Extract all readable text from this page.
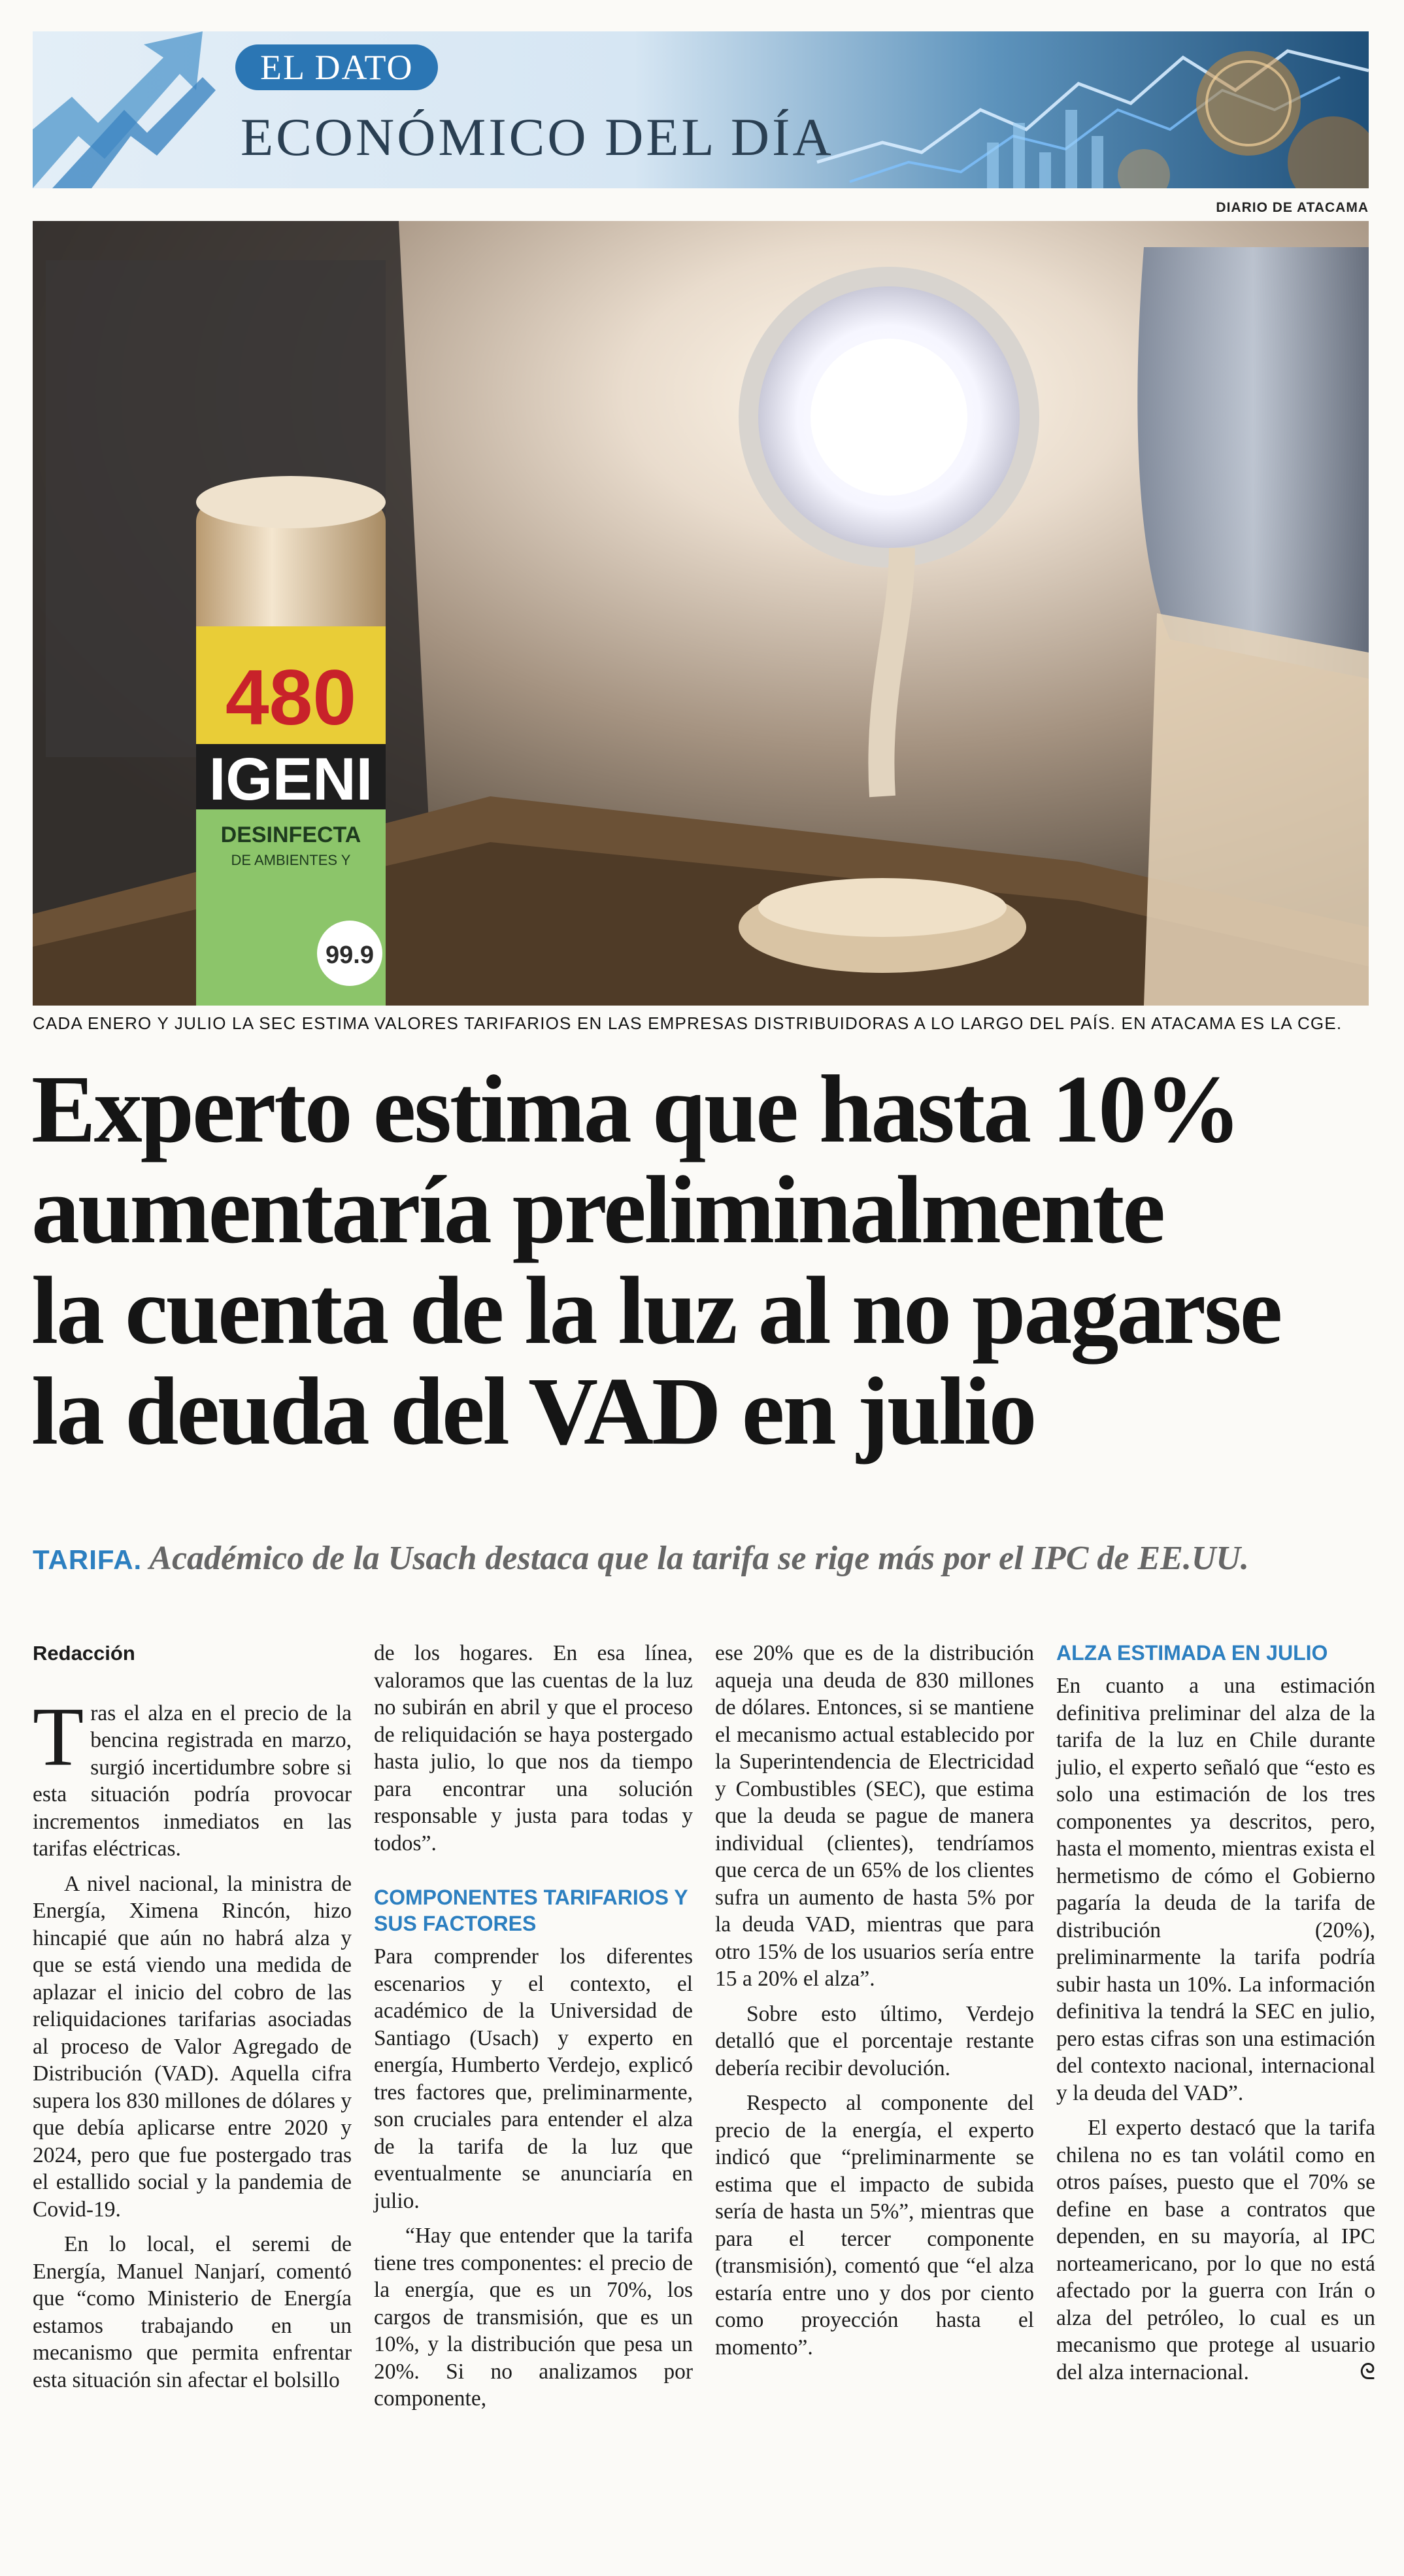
EL DATO
ECONÓMICO DEL DÍA
DIARIO DE ATACAMA
480
IGENI
DESINFECTA
DE AMBIENTES Y
99.9
CADA ENERO Y JULIO LA SEC ESTIMA VALORES TARIFARIOS EN LAS EMPRESAS DISTRIBUIDORAS A LO LARGO DEL PAÍS. EN ATACAMA ES LA CGE.
Experto estima que hasta 10%
aumentaría preliminalmente
la cuenta de la luz al no pagarse
la deuda del VAD en julio
TARIFA. Académico de la Usach destaca que la tarifa se rige más por el IPC de EE.UU.
Redacción

Tras el alza en el precio de la bencina registrada en marzo, surgió incertidumbre sobre si esta situación podría provocar incrementos inmediatos en las tarifas eléctricas.

A nivel nacional, la ministra de Energía, Ximena Rincón, hizo hincapié que aún no habrá alza y que se está viendo una medida de aplazar el inicio del cobro de las reliquidaciones tarifarias asociadas al proceso de Valor Agregado de Distribución (VAD). Aquella cifra supera los 830 millones de dólares y que debía aplicarse entre 2020 y 2024, pero que fue postergado tras el estallido social y la pandemia de Covid-19.

En lo local, el seremi de Energía, Manuel Nanjarí, comentó que “como Ministerio de Energía estamos trabajando en un mecanismo que permita enfrentar esta situación sin afectar el bolsillo

de los hogares. En esa línea, valoramos que las cuentas de la luz no subirán en abril y que el proceso de reliquidación se haya postergado hasta julio, lo que nos da tiempo para encontrar una solución responsable y justa para todas y todos”.

COMPONENTES TARIFARIOS Y SUS FACTORES

Para comprender los diferentes escenarios y el contexto, el académico de la Universidad de Santiago (Usach) y experto en energía, Humberto Verdejo, explicó tres factores que, preliminarmente, son cruciales para entender el alza de la tarifa de la luz que eventualmente se anunciaría en julio.

“Hay que entender que la tarifa tiene tres componentes: el precio de la energía, que es un 70%, los cargos de transmisión, que es un 10%, y la distribución que pesa un 20%. Si no analizamos por componente,

ese 20% que es de la distribución aqueja una deuda de 830 millones de dólares. Entonces, si se mantiene el mecanismo actual establecido por la Superintendencia de Electricidad y Combustibles (SEC), que estima que la deuda se pague de manera individual (clientes), tendríamos que cerca de un 65% de los clientes sufra un aumento de hasta 5% por la deuda VAD, mientras que para otro 15% de los usuarios sería entre 15 a 20% el alza”.

Sobre esto último, Verdejo detalló que el porcentaje restante debería recibir devolución.

Respecto al componente del precio de la energía, el experto indicó que “preliminarmente se estima que el impacto de subida sería de hasta un 5%”, mientras que para el tercer componente (transmisión), comentó que “el alza estaría entre uno y dos por ciento como proyección hasta el momento”.

ALZA ESTIMADA EN JULIO

En cuanto a una estimación definitiva preliminar del alza de la tarifa de la luz en Chile durante julio, el experto señaló que “esto es solo una estimación de los tres componentes ya descritos, pero, hasta el momento, mientras exista el hermetismo de cómo el Gobierno pagaría la deuda de la tarifa de distribución (20%), preliminarmente la tarifa podría subir hasta un 10%. La información definitiva la tendrá la SEC en julio, pero estas cifras son una estimación del contexto nacional, internacional y la deuda del VAD”.

El experto destacó que la tarifa chilena no es tan volátil como en otros países, puesto que el 70% se define en base a contratos que dependen, en su mayoría, al IPC norteamericano, por lo que no está afectado por la guerra con Irán o alza del petróleo, lo cual es un mecanismo que protege al usuario del alza internacional.	ᘓ
